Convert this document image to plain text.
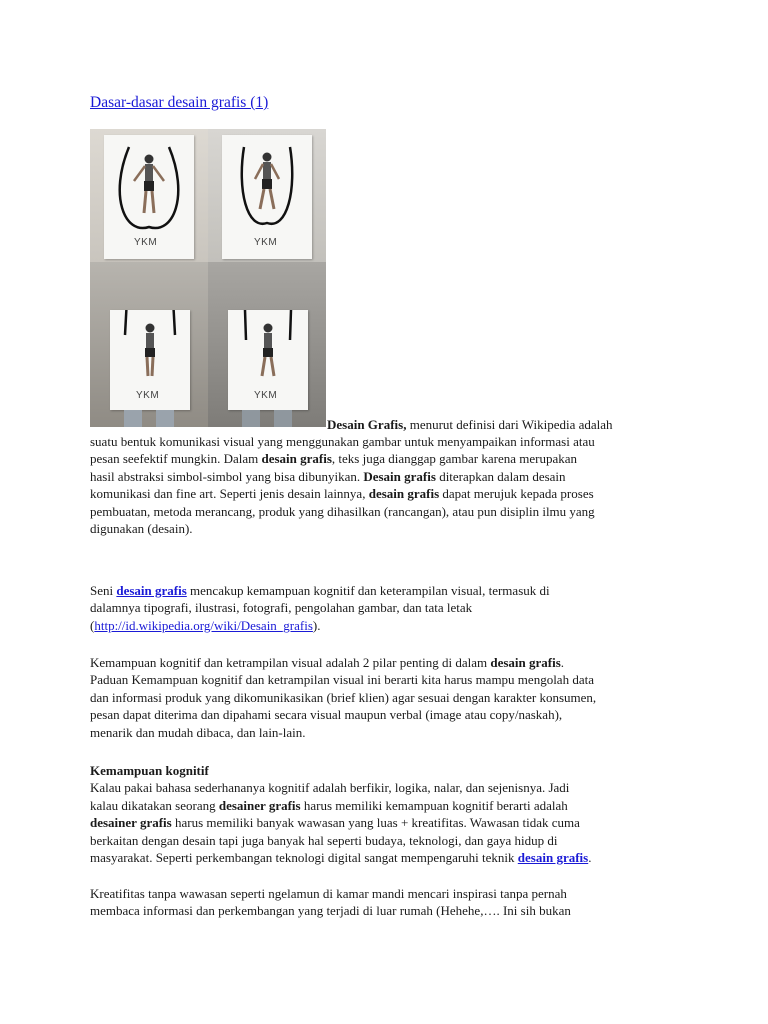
Dasar-dasar desain grafis (1)
YKM	YKM
YKM	YKM
Desain Grafis, menurut definisi dari Wikipedia adalah
suatu bentuk komunikasi visual yang menggunakan gambar untuk menyampaikan informasi atau
pesan seefektif mungkin. Dalam desain grafis, teks juga dianggap gambar karena merupakan
hasil abstraksi simbol-simbol yang bisa dibunyikan. Desain grafis diterapkan dalam desain
komunikasi dan fine art. Seperti jenis desain lainnya, desain grafis dapat merujuk kepada proses
pembuatan, metoda merancang, produk yang dihasilkan (rancangan), atau pun disiplin ilmu yang
digunakan (desain).
Seni desain grafis mencakup kemampuan kognitif dan keterampilan visual, termasuk di
dalamnya tipografi, ilustrasi, fotografi, pengolahan gambar, dan tata letak
(http://id.wikipedia.org/wiki/Desain_grafis).
Kemampuan kognitif dan ketrampilan visual adalah 2 pilar penting di dalam desain grafis.
Paduan Kemampuan kognitif dan ketrampilan visual ini berarti kita harus mampu mengolah data
dan informasi produk yang dikomunikasikan (brief klien) agar sesuai dengan karakter konsumen,
pesan dapat diterima dan dipahami secara visual maupun verbal (image atau copy/naskah),
menarik dan mudah dibaca, dan lain-lain.
Kemampuan kognitif
Kalau pakai bahasa sederhananya kognitif adalah berfikir, logika, nalar, dan sejenisnya. Jadi
kalau dikatakan seorang desainer grafis harus memiliki kemampuan kognitif berarti adalah
desainer grafis harus memiliki banyak wawasan yang luas + kreatifitas. Wawasan tidak cuma
berkaitan dengan desain tapi juga banyak hal seperti budaya, teknologi, dan gaya hidup di
masyarakat. Seperti perkembangan teknologi digital sangat mempengaruhi teknik desain grafis.
Kreatifitas tanpa wawasan seperti ngelamun di kamar mandi mencari inspirasi tanpa pernah
membaca informasi dan perkembangan yang terjadi di luar rumah (Hehehe,…. Ini sih bukan
